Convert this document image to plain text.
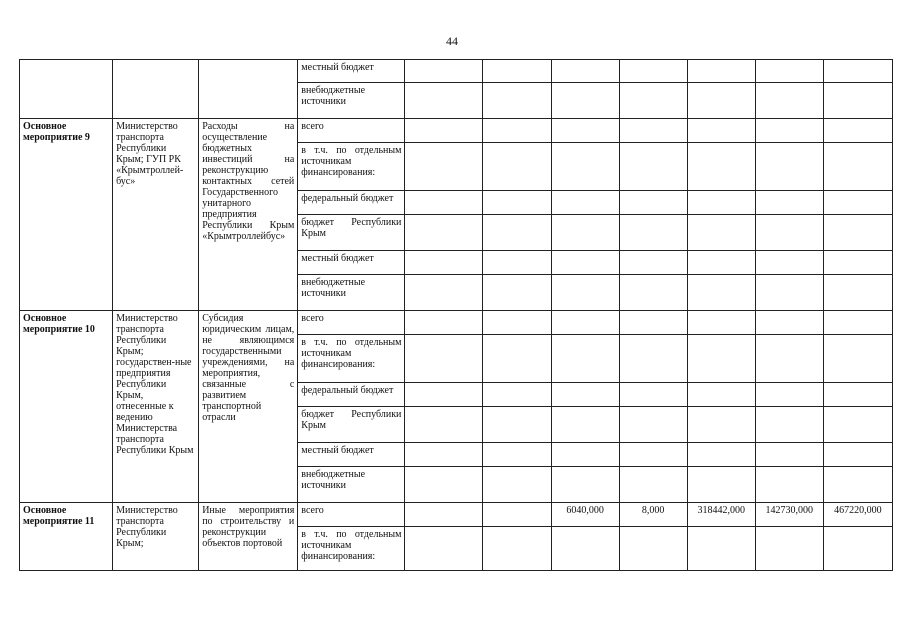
44
			местный бюджет							
			внебюджетные источники							
Основное мероприятие 9	Министерство транспорта Республики Крым; ГУП РК «Крымтроллей-бус»	Расходы на осуществление бюджетных инвестиций на реконструкцию контактных сетей Государственного унитарного предприятия Республики Крым «Крымтроллейбус»	всего							
			в т.ч. по отдельным источникам финансирования:							
			федеральный бюджет							
			бюджет Республики Крым							
			местный бюджет							
			внебюджетные источники							
Основное мероприятие 10	Министерство транспорта Республики Крым; государствен-ные предприятия Республики Крым, отнесенные к ведению Министерства транспорта Республики Крым	Субсидия юридическим лицам, не являющимся государственными учреждениями, на мероприятия, связанные с развитием транспортной отрасли	всего							
			в т.ч. по отдельным источникам финансирования:							
			федеральный бюджет							
			бюджет Республики Крым							
			местный бюджет							
			внебюджетные источники							
Основное мероприятие 11	Министерство транспорта Республики Крым;	Иные мероприятия по строительству и реконструкции объектов портовой	всего			6040,000	8,000	318442,000	142730,000	467220,000
			в т.ч. по отдельным источникам финансирования:							
